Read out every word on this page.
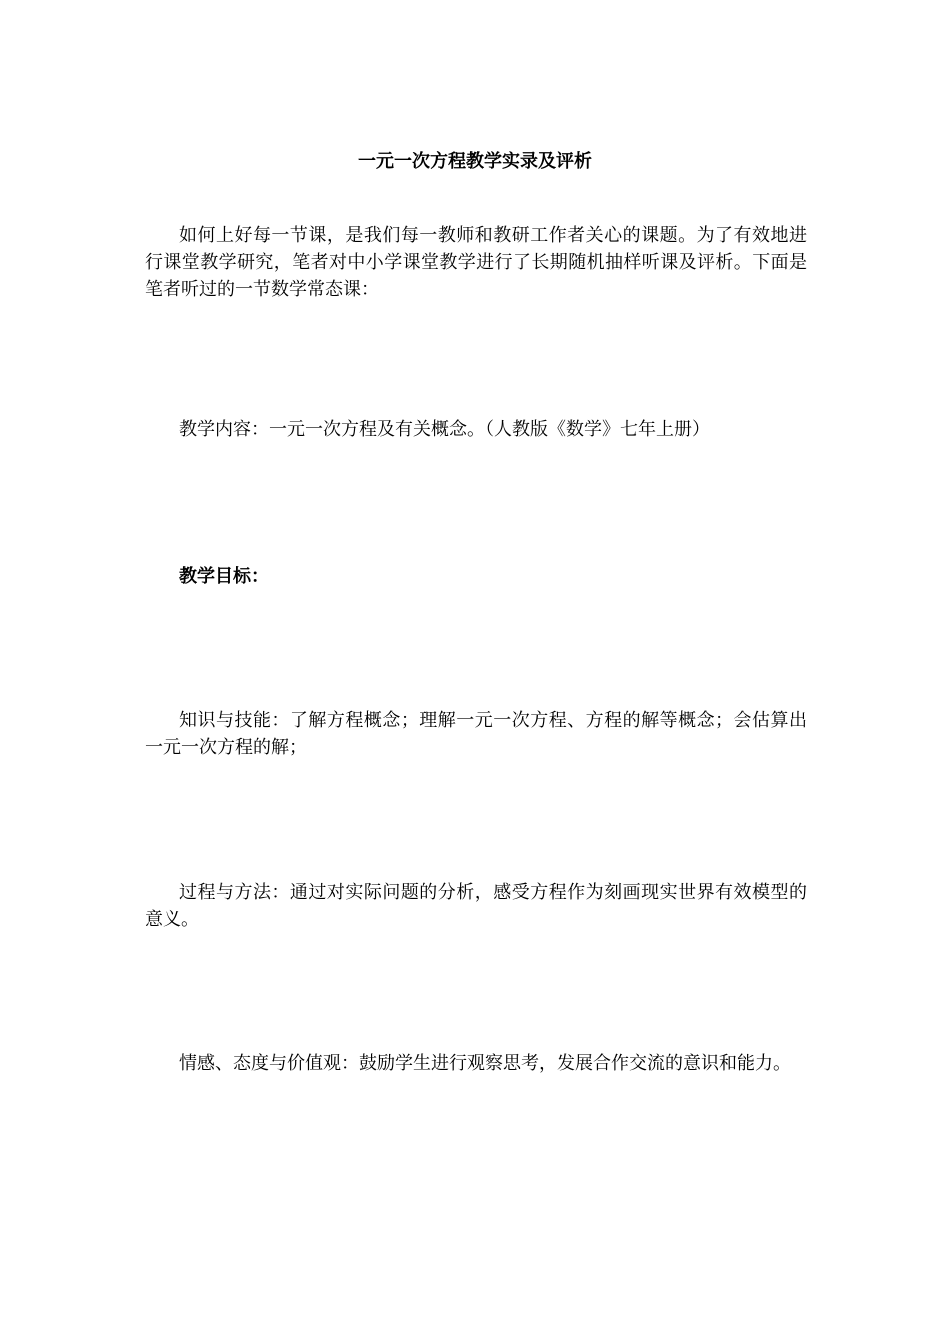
一元一次方程教学实录及评析

如何上好每一节课，是我们每一教师和教研工作者关心的课题。为了有效地进行课堂教学研究，笔者对中小学课堂教学进行了长期随机抽样听课及评析。下面是笔者听过的一节数学常态课：

教学内容：一元一次方程及有关概念。（人教版《数学》七年上册）

教学目标：

知识与技能：了解方程概念；理解一元一次方程、方程的解等概念；会估算出一元一次方程的解；

过程与方法：通过对实际问题的分析，感受方程作为刻画现实世界有效模型的意义。

情感、态度与价值观：鼓励学生进行观察思考，发展合作交流的意识和能力。
